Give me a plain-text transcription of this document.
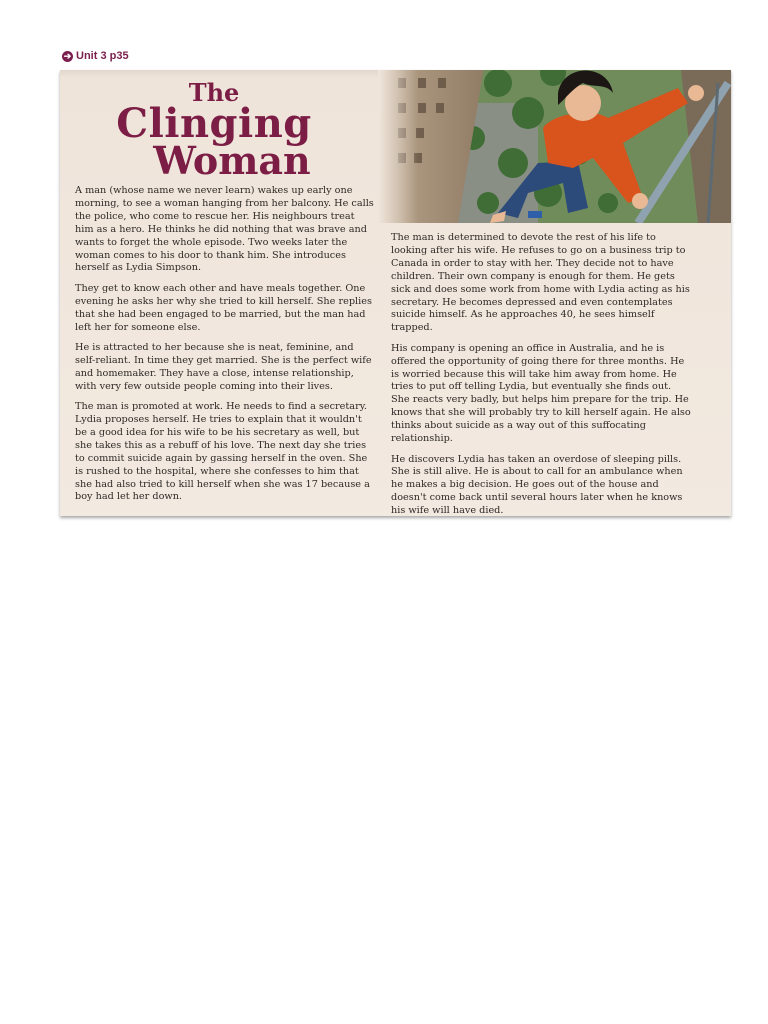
➔ Unit 3 p35
The
Clinging
Woman

A man (whose name we never learn) wakes up early one morning, to see a woman hanging from her balcony. He calls the police, who come to rescue her. His neighbours treat him as a hero. He thinks he did nothing that was brave and wants to forget the whole episode. Two weeks later the woman comes to his door to thank him. She introduces herself as Lydia Simpson.

They get to know each other and have meals together. One evening he asks her why she tried to kill herself. She replies that she had been engaged to be married, but the man had left her for someone else.

He is attracted to her because she is neat, feminine, and self-reliant. In time they get married. She is the perfect wife and homemaker. They have a close, intense relationship, with very few outside people coming into their lives.

The man is promoted at work. He needs to find a secretary. Lydia proposes herself. He tries to explain that it wouldn't be a good idea for his wife to be his secretary as well, but she takes this as a rebuff of his love. The next day she tries to commit suicide again by gassing herself in the oven. She is rushed to the hospital, where she confesses to him that she had also tried to kill herself when she was 17 because a boy had let her down.

The man is determined to devote the rest of his life to looking after his wife. He refuses to go on a business trip to Canada in order to stay with her. They decide not to have children. Their own company is enough for them. He gets sick and does some work from home with Lydia acting as his secretary. He becomes depressed and even contemplates suicide himself. As he approaches 40, he sees himself trapped.

His company is opening an office in Australia, and he is offered the opportunity of going there for three months. He is worried because this will take him away from home. He tries to put off telling Lydia, but eventually she finds out. She reacts very badly, but helps him prepare for the trip. He knows that she will probably try to kill herself again. He also thinks about suicide as a way out of this suffocating relationship.

He discovers Lydia has taken an overdose of sleeping pills. She is still alive. He is about to call for an ambulance when he makes a big decision. He goes out of the house and doesn't come back until several hours later when he knows his wife will have died.
